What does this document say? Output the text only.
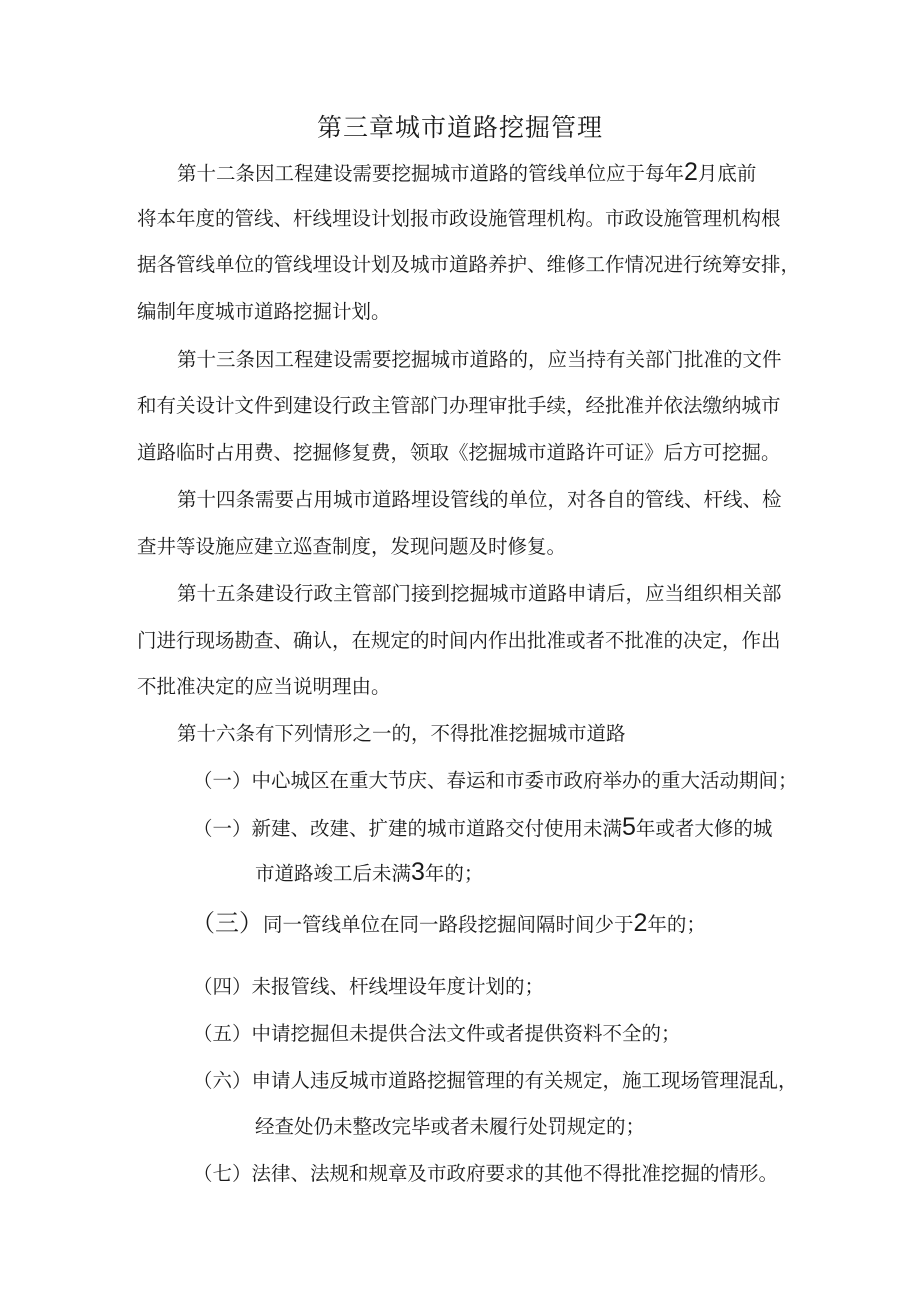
第三章城市道路挖掘管理
第十二条因工程建设需要挖掘城市道路的管线单位应于每年2月底前
将本年度的管线、杆线埋设计划报市政设施管理机构。市政设施管理机构根
据各管线单位的管线埋设计划及城市道路养护、维修工作情况进行统筹安排，
编制年度城市道路挖掘计划。
第十三条因工程建设需要挖掘城市道路的，应当持有关部门批准的文件
和有关设计文件到建设行政主管部门办理审批手续，经批准并依法缴纳城市
道路临时占用费、挖掘修复费，领取《挖掘城市道路许可证》后方可挖掘。
第十四条需要占用城市道路埋设管线的单位，对各自的管线、杆线、检
查井等设施应建立巡查制度，发现问题及时修复。
第十五条建设行政主管部门接到挖掘城市道路申请后，应当组织相关部
门进行现场勘查、确认，在规定的时间内作出批准或者不批准的决定，作出
不批准决定的应当说明理由。
第十六条有下列情形之一的，不得批准挖掘城市道路
（一）中心城区在重大节庆、春运和市委市政府举办的重大活动期间；
（一）新建、改建、扩建的城市道路交付使用未满5年或者大修的城
市道路竣工后未满3年的；
（三）同一管线单位在同一路段挖掘间隔时间少于2年的；
（四）未报管线、杆线埋设年度计划的；
（五）中请挖掘但未提供合法文件或者提供资料不全的；
（六）申请人违反城市道路挖掘管理的有关规定，施工现场管理混乱，
经查处仍未整改完毕或者未履行处罚规定的；
（七）法律、法规和规章及市政府要求的其他不得批准挖掘的情形。
